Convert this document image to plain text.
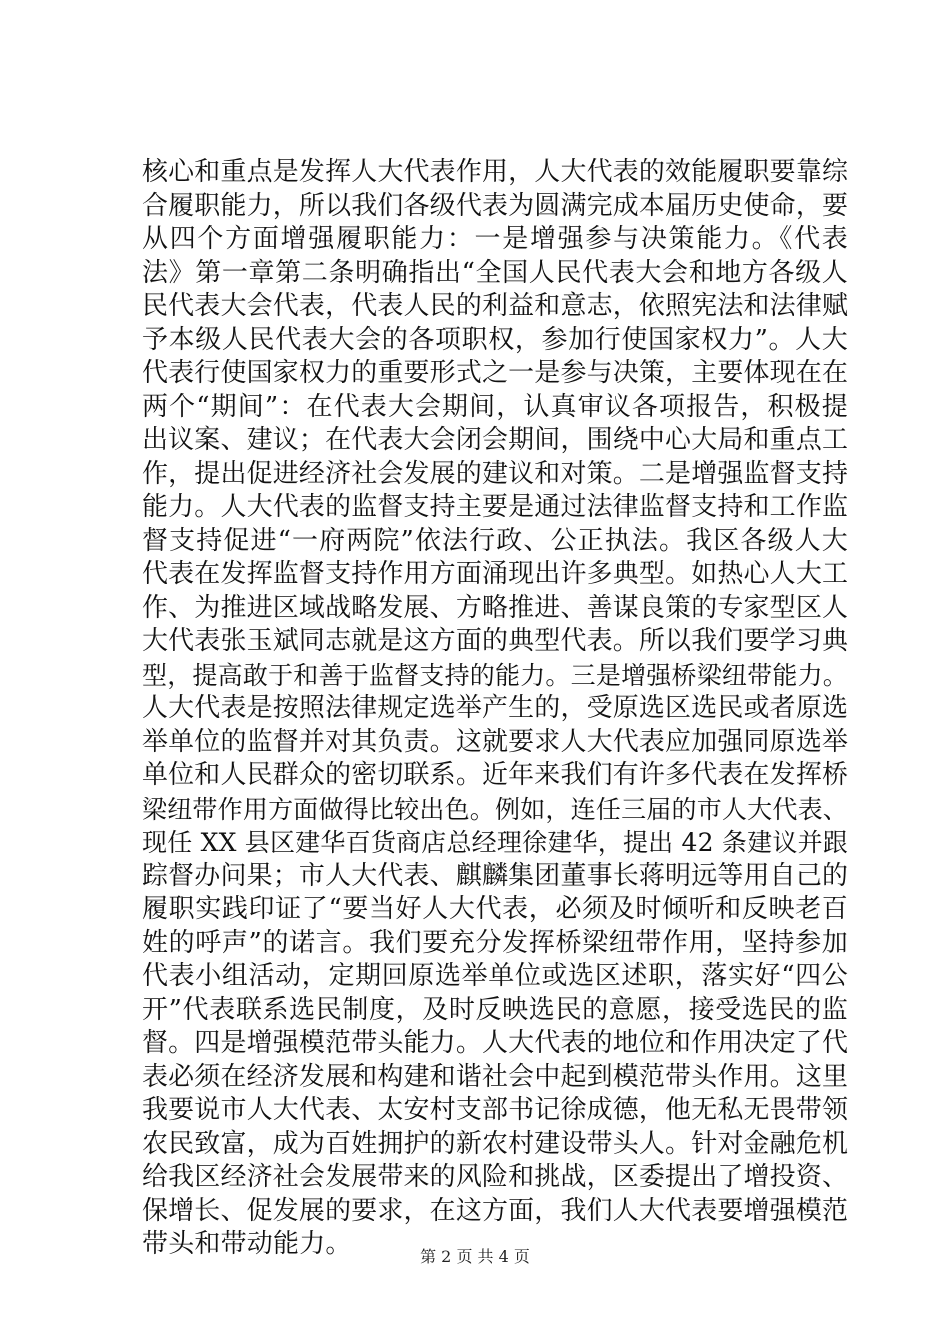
核心和重点是发挥人大代表作用，人大代表的效能履职要靠综
合履职能力，所以我们各级代表为圆满完成本届历史使命，要
从四个方面增强履职能力：一是增强参与决策能力。《代表
法》第一章第二条明确指出“全国人民代表大会和地方各级人
民代表大会代表，代表人民的利益和意志，依照宪法和法律赋
予本级人民代表大会的各项职权，参加行使国家权力”。人大
代表行使国家权力的重要形式之一是参与决策，主要体现在在
两个“期间”：在代表大会期间，认真审议各项报告，积极提
出议案、建议；在代表大会闭会期间，围绕中心大局和重点工
作，提出促进经济社会发展的建议和对策。二是增强监督支持
能力。人大代表的监督支持主要是通过法律监督支持和工作监
督支持促进“一府两院”依法行政、公正执法。我区各级人大
代表在发挥监督支持作用方面涌现出许多典型。如热心人大工
作、为推进区域战略发展、方略推进、善谋良策的专家型区人
大代表张玉斌同志就是这方面的典型代表。所以我们要学习典
型，提高敢于和善于监督支持的能力。三是增强桥梁纽带能力。
人大代表是按照法律规定选举产生的，受原选区选民或者原选
举单位的监督并对其负责。这就要求人大代表应加强同原选举
单位和人民群众的密切联系。近年来我们有许多代表在发挥桥
梁纽带作用方面做得比较出色。例如，连任三届的市人大代表、
现任 XX 县区建华百货商店总经理徐建华，提出 42 条建议并跟
踪督办问果；市人大代表、麒麟集团董事长蒋明远等用自己的
履职实践印证了“要当好人大代表，必须及时倾听和反映老百
姓的呼声”的诺言。我们要充分发挥桥梁纽带作用，坚持参加
代表小组活动，定期回原选举单位或选区述职，落实好“四公
开”代表联系选民制度，及时反映选民的意愿，接受选民的监
督。四是增强模范带头能力。人大代表的地位和作用决定了代
表必须在经济发展和构建和谐社会中起到模范带头作用。这里
我要说市人大代表、太安村支部书记徐成德，他无私无畏带领
农民致富，成为百姓拥护的新农村建设带头人。针对金融危机
给我区经济社会发展带来的风险和挑战，区委提出了增投资、
保增长、促发展的要求，在这方面，我们人大代表要增强模范
带头和带动能力。	第 2 页 共 4 页
